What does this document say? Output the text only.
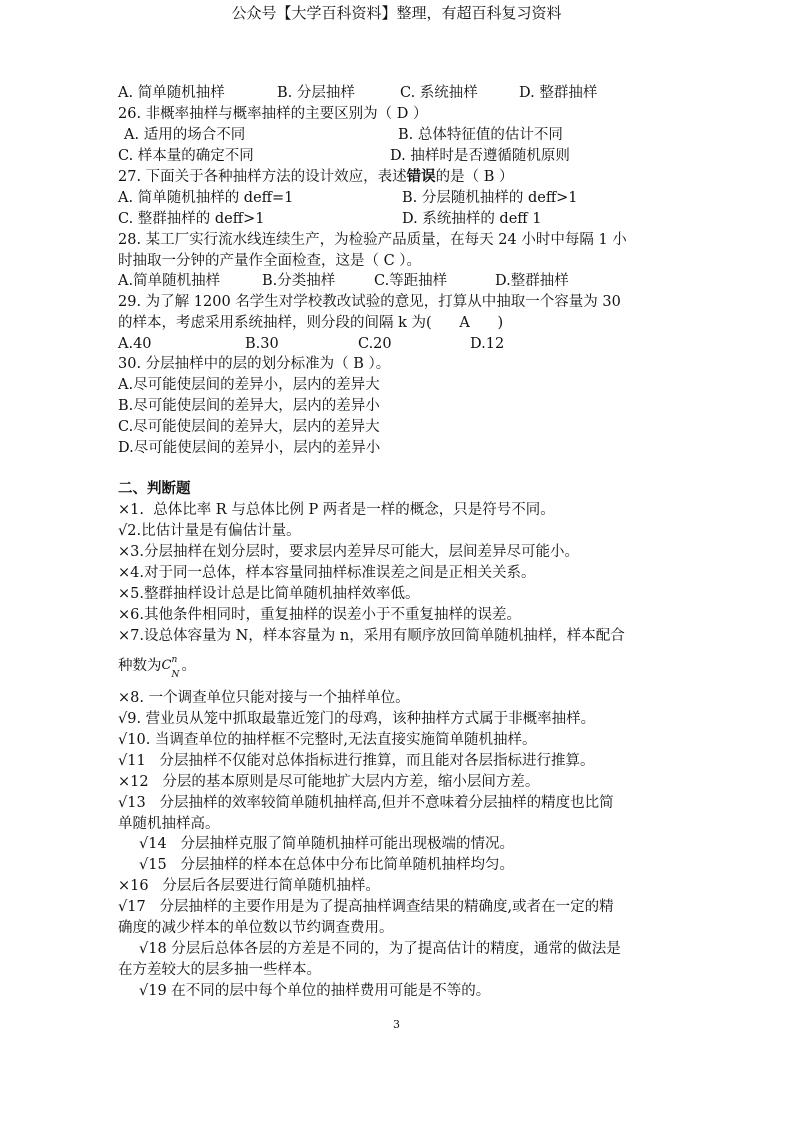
公众号【大学百科资料】整理，有超百科复习资料
A. 简单随机抽样	B. 分层抽样	C. 系统抽样	D. 整群抽样
26. 非概率抽样与概率抽样的主要区别为（ D ）
A. 适用的场合不同	B. 总体特征值的估计不同
C. 样本量的确定不同	D. 抽样时是否遵循随机原则
27. 下面关于各种抽样方法的设计效应，表述错误的是（ B ）
A. 简单随机抽样的 deff=1	B. 分层随机抽样的 deff>1
C. 整群抽样的 deff>1	D. 系统抽样的 deff 1
28. 某工厂实行流水线连续生产，为检验产品质量，在每天 24 小时中每隔 1 小
时抽取一分钟的产量作全面检查，这是（ C ）。
A.简单随机抽样	B.分类抽样	C.等距抽样	D.整群抽样
29. 为了解 1200 名学生对学校教改试验的意见，打算从中抽取一个容量为 30
的样本，考虑采用系统抽样，则分段的间隔 k 为(      A      )
A.40	B.30	C.20	D.12
30. 分层抽样中的层的划分标准为（ B ）。
A.尽可能使层间的差异小，层内的差异大
B.尽可能使层间的差异大，层内的差异小
C.尽可能使层间的差异大，层内的差异大
D.尽可能使层间的差异小，层内的差异小
二、判断题
×1.  总体比率 R 与总体比例 P 两者是一样的概念，只是符号不同。
√2.比估计量是有偏估计量。
×3.分层抽样在划分层时，要求层内差异尽可能大，层间差异尽可能小。
×4.对于同一总体，样本容量同抽样标准误差之间是正相关关系。
×5.整群抽样设计总是比简单随机抽样效率低。
×6.其他条件相同时，重复抽样的误差小于不重复抽样的误差。
×7.设总体容量为 N，样本容量为 n，采用有顺序放回简单随机抽样，样本配合
种数为C n
N
。
×8. 一个调查单位只能对接与一个抽样单位。
√9. 营业员从笼中抓取最靠近笼门的母鸡，该种抽样方式属于非概率抽样。
√10. 当调查单位的抽样框不完整时,无法直接实施简单随机抽样。
√11   分层抽样不仅能对总体指标进行推算，而且能对各层指标进行推算。
×12   分层的基本原则是尽可能地扩大层内方差，缩小层间方差。
√13   分层抽样的效率较简单随机抽样高,但并不意味着分层抽样的精度也比简
单随机抽样高。
√14   分层抽样克服了简单随机抽样可能出现极端的情况。
√15   分层抽样的样本在总体中分布比简单随机抽样均匀。
×16   分层后各层要进行简单随机抽样。
√17   分层抽样的主要作用是为了提高抽样调查结果的精确度,或者在一定的精
确度的减少样本的单位数以节约调查费用。
√18 分层后总体各层的方差是不同的，为了提高估计的精度，通常的做法是
在方差较大的层多抽一些样本。
√19 在不同的层中每个单位的抽样费用可能是不等的。
3
